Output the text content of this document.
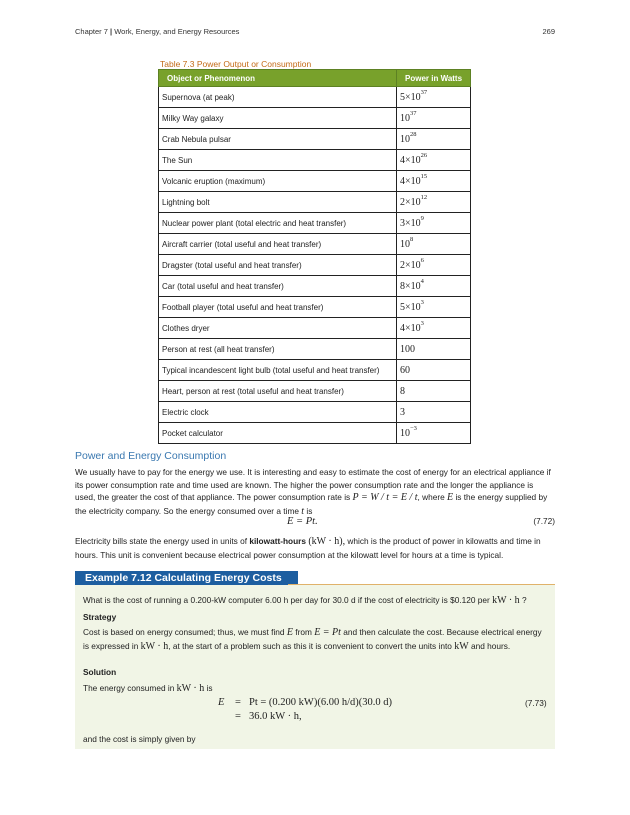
Chapter 7 | Work, Energy, and Energy Resources	269
Table 7.3 Power Output or Consumption
Object or Phenomenon	Power in Watts
Supernova (at peak)	$5\times 10^{37}$
Milky Way galaxy	$10^{37}$
Crab Nebula pulsar	$10^{28}$
The Sun	$4\times 10^{26}$
Volcanic eruption (maximum)	$4\times 10^{15}$
Lightning bolt	$2\times 10^{12}$
Nuclear power plant (total electric and heat transfer)	$3\times 10^9$
Aircraft carrier (total useful and heat transfer)	$10^8$
Dragster (total useful and heat transfer)	$2\times 10^6$
Car (total useful and heat transfer)	$8\times 10^4$
Football player (total useful and heat transfer)	$5\times 10^3$
Clothes dryer	$4\times 10^3$
Person at rest (all heat transfer)	100
Typical incandescent light bulb (total useful and heat transfer)	60
Heart, person at rest (total useful and heat transfer)	8
Electric clock	3
Pocket calculator	$10^{-3}$
Power and Energy Consumption
We usually have to pay for the energy we use. It is interesting and easy to estimate the cost of energy for an electrical appliance if its power consumption rate and time used are known. The higher the power consumption rate and the longer the appliance is used, the greater the cost of that appliance. The power consumption rate is P = W / t = E / t, where E is the energy supplied by the electricity company. So the energy consumed over a time t is
E = Pt.	(7.72)
Electricity bills state the energy used in units of kilowatt-hours (kW · h), which is the product of power in kilowatts and time in hours. This unit is convenient because electrical power consumption at the kilowatt level for hours at a time is typical.
Example 7.12 Calculating Energy Costs
What is the cost of running a 0.200-kW computer 6.00 h per day for 30.0 d if the cost of electricity is $0.120 per kW · h ?
Strategy
Cost is based on energy consumed; thus, we must find E from E = Pt and then calculate the cost. Because electrical energy is expressed in kW · h, at the start of a problem such as this it is convenient to convert the units into kW and hours.
Solution
The energy consumed in kW · h is
E = Pt = (0.200 kW)(6.00 h/d)(30.0 d)
= 36.0 kW · h,
(7.73)
and the cost is simply given by
